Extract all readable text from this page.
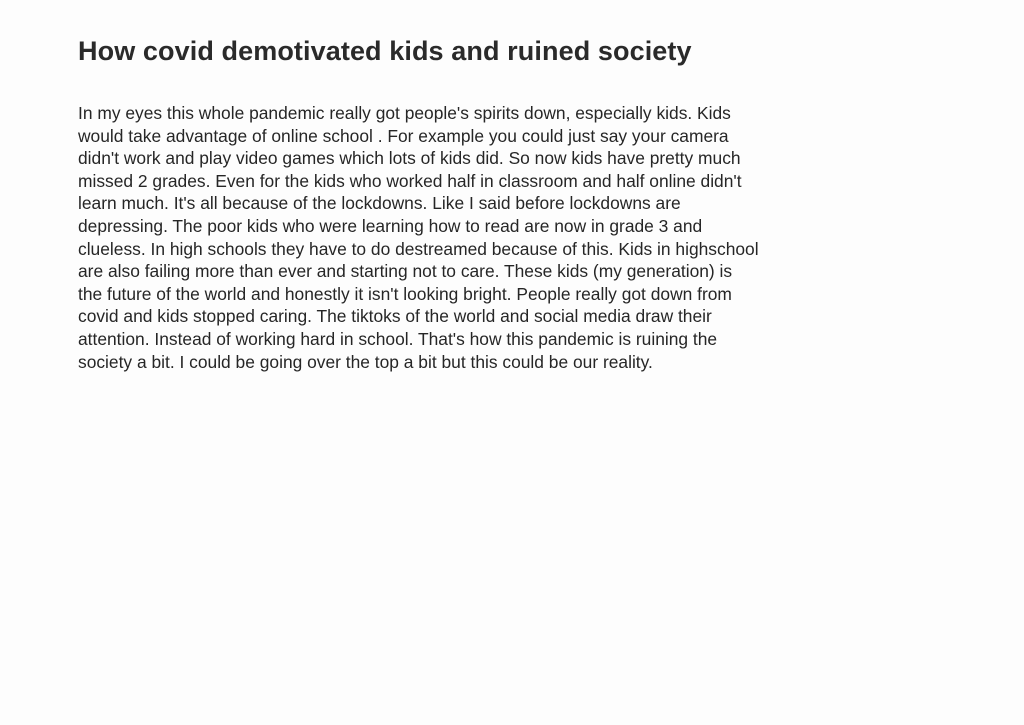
How covid demotivated kids and ruined society

In my eyes this whole pandemic really got people's spirits down, especially kids. Kids
would take advantage of online school . For example you could just say your camera
didn't work and play video games which lots of kids did. So now kids have pretty much
missed 2 grades. Even for the kids who worked half in classroom and half online didn't
learn much. It's all because of the lockdowns. Like I said before lockdowns are
depressing. The poor kids who were learning how to read are now in grade 3 and
clueless. In high schools they have to do destreamed because of this. Kids in highschool
are also failing more than ever and starting not to care. These kids (my generation) is
the future of the world and honestly it isn't looking bright. People really got down from
covid and kids stopped caring. The tiktoks of the world and social media draw their
attention. Instead of working hard in school. That's how this pandemic is ruining the
society a bit. I could be going over the top a bit but this could be our reality.
